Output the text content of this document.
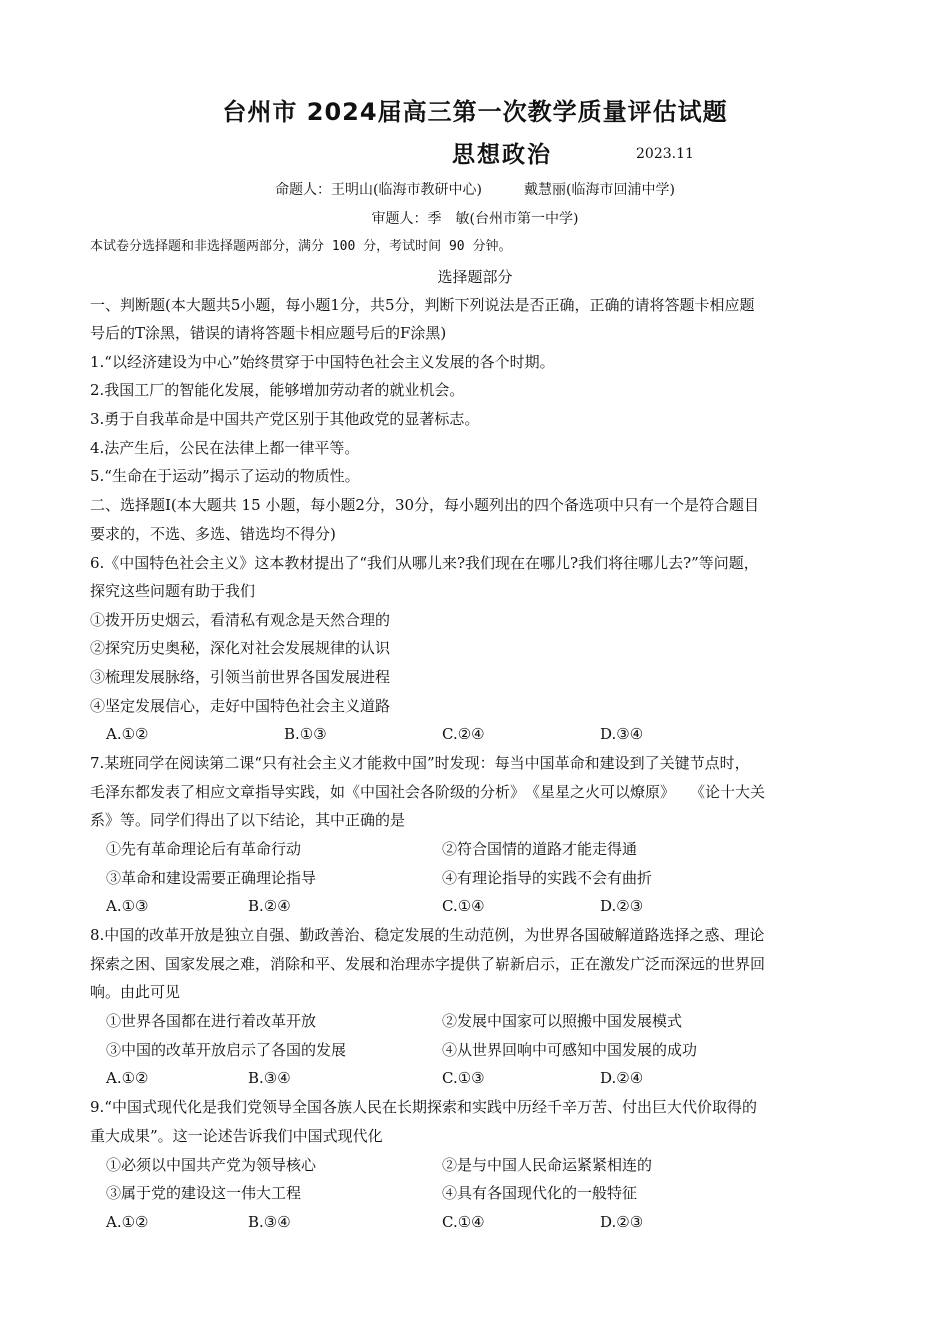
台州市 2024届高三第一次教学质量评估试题
思想政治	2023.11
命题人：王明山(临海市教研中心)　　　戴慧丽(临海市回浦中学)
审题人：季　敏(台州市第一中学)
本试卷分选择题和非选择题两部分，满分 100 分，考试时间 90 分钟。
选择题部分
一、判断题(本大题共5小题，每小题1分，共5分，判断下列说法是否正确，正确的请将答题卡相应题
号后的T涂黑，错误的请将答题卡相应题号后的F涂黑)
1.“以经济建设为中心”始终贯穿于中国特色社会主义发展的各个时期。
2.我国工厂的智能化发展，能够增加劳动者的就业机会。
3.勇于自我革命是中国共产党区别于其他政党的显著标志。
4.法产生后，公民在法律上都一律平等。
5.“生命在于运动”揭示了运动的物质性。
二、选择题Ⅰ(本大题共 15 小题，每小题2分，30分，每小题列出的四个备选项中只有一个是符合题目
要求的，不选、多选、错选均不得分)
6.《中国特色社会主义》这本教材提出了“我们从哪儿来?我们现在在哪儿?我们将往哪儿去?”等问题，
探究这些问题有助于我们
①拨开历史烟云，看清私有观念是天然合理的
②探究历史奥秘，深化对社会发展规律的认识
③梳理发展脉络，引领当前世界各国发展进程
④坚定发展信心，走好中国特色社会主义道路
A.①②	B.①③	C.②④	D.③④
7.某班同学在阅读第二课“只有社会主义才能救中国”时发现：每当中国革命和建设到了关键节点时，
毛泽东都发表了相应文章指导实践，如《中国社会各阶级的分析》　《星星之火可以燎原》　　《论十大关
系》等。同学们得出了以下结论，其中正确的是
①先有革命理论后有革命行动	②符合国情的道路才能走得通
③革命和建设需要正确理论指导	④有理论指导的实践不会有曲折
A.①③	B.②④	C.①④	D.②③
8.中国的改革开放是独立自强、勤政善治、稳定发展的生动范例，为世界各国破解道路选择之惑、理论
探索之困、国家发展之难，消除和平、发展和治理赤字提供了崭新启示，正在激发广泛而深远的世界回
响。由此可见
①世界各国都在进行着改革开放	②发展中国家可以照搬中国发展模式
③中国的改革开放启示了各国的发展	④从世界回响中可感知中国发展的成功
A.①②	B.③④	C.①③	D.②④
9.“中国式现代化是我们党领导全国各族人民在长期探索和实践中历经千辛万苦、付出巨大代价取得的
重大成果”。这一论述告诉我们中国式现代化
①必须以中国共产党为领导核心	②是与中国人民命运紧紧相连的
③属于党的建设这一伟大工程	④具有各国现代化的一般特征
A.①②	B.③④	C.①④	D.②③
